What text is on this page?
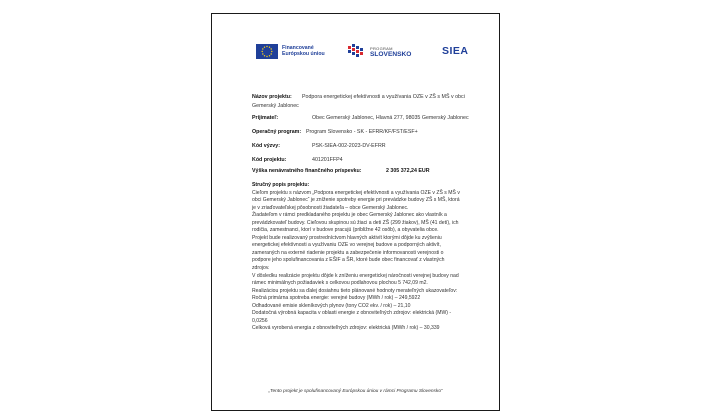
Financované
Európskou úniou
PROGRAM
SLOVENSKO	SIEA
Názov projektu: Podpora energetickej efektívnosti a využívania OZE v ZŠ s MŠ v obci
Gemerský Jablonec
Prijímateľ:	Obec Gemerský Jablonec, Hlavná 277, 98035 Gemerský Jablonec
Operačný program: Program Slovensko - SK - EFRR/KF/FST/ESF+
Kód výzvy:	PSK-SIEA-002-2023-DV-EFRR
Kód projektu:	401201FFP4
Výška nenávratného finančného príspevku:	2 305 372,24 EUR

Stručný popis projektu:

Cieľom projektu s názvom „Podpora energetickej efektívnosti a využívania OZE v ZŠ s MŠ v

obci Gemerský Jablonec“ je zníženie spotreby energie pri prevádzke budovy ZŠ s MŠ, ktorá

je v zriaďovateľskej pôsobnosti žiadateľa – obce Gemerský Jablonec.

Žiadateľom v rámci predkladaného projektu je obec Gemerský Jablonec ako vlastník a

prevádzkovateľ budovy. Cieľovou skupinou sú žiaci a deti ZŠ (299 žiakov), MŠ (41 detí), ich

rodičia, zamestnanci, ktorí v budove pracujú (približne 42 osôb), a obyvatelia obce.

Projekt bude realizovaný prostredníctvom hlavných aktivít ktorými dôjde ku zvýšeniu

energetickej efektívnosti a využívaniu OZE vo verejnej budove a podporných aktivít,

zameraných na externé riadenie projektu a zabezpečenie informovanosti verejnosti o

podpore jeho spolufinancovania z EŠIF a ŠR, ktoré bude obec financovať z vlastných

zdrojov.

V dôsledku realizácie projektu dôjde k zníženiu energetickej náročnosti verejnej budovy nad

rámec minimálnych požiadaviek s celkovou podlahovou plochou 5 742,09 m2.

Realizáciou projektu sa ďalej dosiahnu tieto plánované hodnoty merateľných ukazovateľov:

Ročná primárna spotreba energie: verejné budovy (MWh / rok) – 249,5922

Odhadované emisie skleníkových plynov (tony CO2 ekv. / rok) – 21,10

Dodatočná výrobná kapacita v oblasti energie z obnoviteľných zdrojov: elektrická (MW) -

0,0256

Celková vyrobená energia z obnoviteľných zdrojov: elektrická (MWh / rok) – 30,339

„Tento projekt je spolufinancovaný Európskou úniou v rámci Programu Slovensko“
